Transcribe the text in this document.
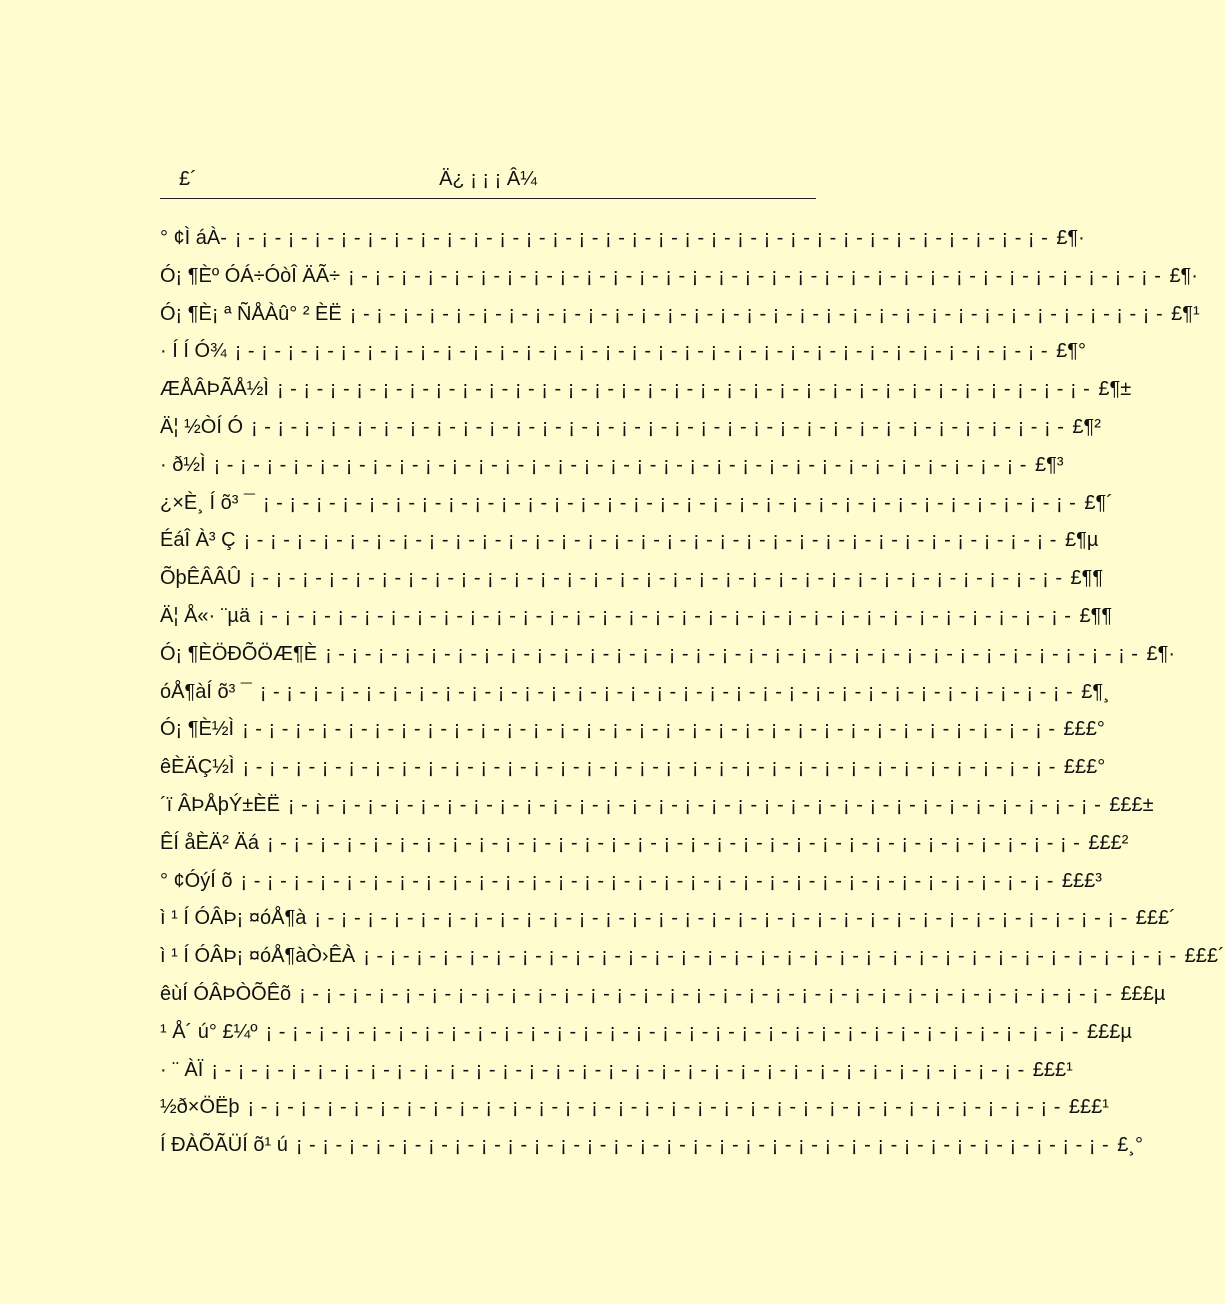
£´	Ä¿ ¡ ¡ ¡ Â¼
° ¢Ì áÀ- ¡ - ¡ - ¡ - ¡ - ¡ - ¡ - ¡ - ¡ - ¡ - ¡ - ¡ - ¡ - ¡ - ¡ - ¡ - ¡ - ¡ - ¡ - ¡ - ¡ - ¡ - ¡ - ¡ - ¡ - ¡ - ¡ - ¡ - ¡ - ¡ - ¡ - ¡ - £¶·
Ó¡ ¶Èº ÓÁ÷ÓòÎ ÄÃ÷ ¡ - ¡ - ¡ - ¡ - ¡ - ¡ - ¡ - ¡ - ¡ - ¡ - ¡ - ¡ - ¡ - ¡ - ¡ - ¡ - ¡ - ¡ - ¡ - ¡ - ¡ - ¡ - ¡ - ¡ - ¡ - ¡ - ¡ - ¡ - ¡ - ¡ - ¡ - £¶·
Ó¡ ¶È¡ ª ÑÅÀû° ² ÈË ¡ - ¡ - ¡ - ¡ - ¡ - ¡ - ¡ - ¡ - ¡ - ¡ - ¡ - ¡ - ¡ - ¡ - ¡ - ¡ - ¡ - ¡ - ¡ - ¡ - ¡ - ¡ - ¡ - ¡ - ¡ - ¡ - ¡ - ¡ - ¡ - ¡ - ¡ - £¶¹
· Í Í Ó¾ ¡ - ¡ - ¡ - ¡ - ¡ - ¡ - ¡ - ¡ - ¡ - ¡ - ¡ - ¡ - ¡ - ¡ - ¡ - ¡ - ¡ - ¡ - ¡ - ¡ - ¡ - ¡ - ¡ - ¡ - ¡ - ¡ - ¡ - ¡ - ¡ - ¡ - ¡ - £¶°
ÆÅÂÞÃÅ½Ì ¡ - ¡ - ¡ - ¡ - ¡ - ¡ - ¡ - ¡ - ¡ - ¡ - ¡ - ¡ - ¡ - ¡ - ¡ - ¡ - ¡ - ¡ - ¡ - ¡ - ¡ - ¡ - ¡ - ¡ - ¡ - ¡ - ¡ - ¡ - ¡ - ¡ - ¡ - £¶±
Ä¦ ½ÒÍ Ó ¡ - ¡ - ¡ - ¡ - ¡ - ¡ - ¡ - ¡ - ¡ - ¡ - ¡ - ¡ - ¡ - ¡ - ¡ - ¡ - ¡ - ¡ - ¡ - ¡ - ¡ - ¡ - ¡ - ¡ - ¡ - ¡ - ¡ - ¡ - ¡ - ¡ - ¡ - £¶²
· ð½Ì ¡ - ¡ - ¡ - ¡ - ¡ - ¡ - ¡ - ¡ - ¡ - ¡ - ¡ - ¡ - ¡ - ¡ - ¡ - ¡ - ¡ - ¡ - ¡ - ¡ - ¡ - ¡ - ¡ - ¡ - ¡ - ¡ - ¡ - ¡ - ¡ - ¡ - ¡ - £¶³
¿×È¸ Í õ³ ¯ ¡ - ¡ - ¡ - ¡ - ¡ - ¡ - ¡ - ¡ - ¡ - ¡ - ¡ - ¡ - ¡ - ¡ - ¡ - ¡ - ¡ - ¡ - ¡ - ¡ - ¡ - ¡ - ¡ - ¡ - ¡ - ¡ - ¡ - ¡ - ¡ - ¡ - ¡ - £¶´
ÉáÎ À³ Ç ¡ - ¡ - ¡ - ¡ - ¡ - ¡ - ¡ - ¡ - ¡ - ¡ - ¡ - ¡ - ¡ - ¡ - ¡ - ¡ - ¡ - ¡ - ¡ - ¡ - ¡ - ¡ - ¡ - ¡ - ¡ - ¡ - ¡ - ¡ - ¡ - ¡ - ¡ - £¶µ
ÕþÊÂÂÛ ¡ - ¡ - ¡ - ¡ - ¡ - ¡ - ¡ - ¡ - ¡ - ¡ - ¡ - ¡ - ¡ - ¡ - ¡ - ¡ - ¡ - ¡ - ¡ - ¡ - ¡ - ¡ - ¡ - ¡ - ¡ - ¡ - ¡ - ¡ - ¡ - ¡ - ¡ - £¶¶
Ä¦ Å«· ¨µä ¡ - ¡ - ¡ - ¡ - ¡ - ¡ - ¡ - ¡ - ¡ - ¡ - ¡ - ¡ - ¡ - ¡ - ¡ - ¡ - ¡ - ¡ - ¡ - ¡ - ¡ - ¡ - ¡ - ¡ - ¡ - ¡ - ¡ - ¡ - ¡ - ¡ - ¡ - £¶¶
Ó¡ ¶ÈÖÐÕÖÆ¶È ¡ - ¡ - ¡ - ¡ - ¡ - ¡ - ¡ - ¡ - ¡ - ¡ - ¡ - ¡ - ¡ - ¡ - ¡ - ¡ - ¡ - ¡ - ¡ - ¡ - ¡ - ¡ - ¡ - ¡ - ¡ - ¡ - ¡ - ¡ - ¡ - ¡ - ¡ - £¶·
óÅ¶àÍ õ³ ¯ ¡ - ¡ - ¡ - ¡ - ¡ - ¡ - ¡ - ¡ - ¡ - ¡ - ¡ - ¡ - ¡ - ¡ - ¡ - ¡ - ¡ - ¡ - ¡ - ¡ - ¡ - ¡ - ¡ - ¡ - ¡ - ¡ - ¡ - ¡ - ¡ - ¡ - ¡ - £¶¸
Ó¡ ¶È½Ì ¡ - ¡ - ¡ - ¡ - ¡ - ¡ - ¡ - ¡ - ¡ - ¡ - ¡ - ¡ - ¡ - ¡ - ¡ - ¡ - ¡ - ¡ - ¡ - ¡ - ¡ - ¡ - ¡ - ¡ - ¡ - ¡ - ¡ - ¡ - ¡ - ¡ - ¡ - £££°
êÈÄÇ½Ì ¡ - ¡ - ¡ - ¡ - ¡ - ¡ - ¡ - ¡ - ¡ - ¡ - ¡ - ¡ - ¡ - ¡ - ¡ - ¡ - ¡ - ¡ - ¡ - ¡ - ¡ - ¡ - ¡ - ¡ - ¡ - ¡ - ¡ - ¡ - ¡ - ¡ - ¡ - £££°
´ï ÂÞÅþÝ±ÈË ¡ - ¡ - ¡ - ¡ - ¡ - ¡ - ¡ - ¡ - ¡ - ¡ - ¡ - ¡ - ¡ - ¡ - ¡ - ¡ - ¡ - ¡ - ¡ - ¡ - ¡ - ¡ - ¡ - ¡ - ¡ - ¡ - ¡ - ¡ - ¡ - ¡ - ¡ - £££±
ÊÍ åÈÄ² Äá ¡ - ¡ - ¡ - ¡ - ¡ - ¡ - ¡ - ¡ - ¡ - ¡ - ¡ - ¡ - ¡ - ¡ - ¡ - ¡ - ¡ - ¡ - ¡ - ¡ - ¡ - ¡ - ¡ - ¡ - ¡ - ¡ - ¡ - ¡ - ¡ - ¡ - ¡ - £££²
° ¢ÓýÍ õ ¡ - ¡ - ¡ - ¡ - ¡ - ¡ - ¡ - ¡ - ¡ - ¡ - ¡ - ¡ - ¡ - ¡ - ¡ - ¡ - ¡ - ¡ - ¡ - ¡ - ¡ - ¡ - ¡ - ¡ - ¡ - ¡ - ¡ - ¡ - ¡ - ¡ - ¡ - £££³
ì ¹ Í ÓÂÞ¡ ¤óÅ¶à ¡ - ¡ - ¡ - ¡ - ¡ - ¡ - ¡ - ¡ - ¡ - ¡ - ¡ - ¡ - ¡ - ¡ - ¡ - ¡ - ¡ - ¡ - ¡ - ¡ - ¡ - ¡ - ¡ - ¡ - ¡ - ¡ - ¡ - ¡ - ¡ - ¡ - ¡ - £££´
ì ¹ Í ÓÂÞ¡ ¤óÅ¶àÒ›ÊÀ ¡ - ¡ - ¡ - ¡ - ¡ - ¡ - ¡ - ¡ - ¡ - ¡ - ¡ - ¡ - ¡ - ¡ - ¡ - ¡ - ¡ - ¡ - ¡ - ¡ - ¡ - ¡ - ¡ - ¡ - ¡ - ¡ - ¡ - ¡ - ¡ - ¡ - ¡ - £££´
êùÍ ÓÂÞÒÕÊõ ¡ - ¡ - ¡ - ¡ - ¡ - ¡ - ¡ - ¡ - ¡ - ¡ - ¡ - ¡ - ¡ - ¡ - ¡ - ¡ - ¡ - ¡ - ¡ - ¡ - ¡ - ¡ - ¡ - ¡ - ¡ - ¡ - ¡ - ¡ - ¡ - ¡ - ¡ - £££µ
¹ Å´ ú° £¼º ¡ - ¡ - ¡ - ¡ - ¡ - ¡ - ¡ - ¡ - ¡ - ¡ - ¡ - ¡ - ¡ - ¡ - ¡ - ¡ - ¡ - ¡ - ¡ - ¡ - ¡ - ¡ - ¡ - ¡ - ¡ - ¡ - ¡ - ¡ - ¡ - ¡ - ¡ - £££µ
· ¨ ÀÏ ¡ - ¡ - ¡ - ¡ - ¡ - ¡ - ¡ - ¡ - ¡ - ¡ - ¡ - ¡ - ¡ - ¡ - ¡ - ¡ - ¡ - ¡ - ¡ - ¡ - ¡ - ¡ - ¡ - ¡ - ¡ - ¡ - ¡ - ¡ - ¡ - ¡ - ¡ - £££¹
½ð×ÖËþ ¡ - ¡ - ¡ - ¡ - ¡ - ¡ - ¡ - ¡ - ¡ - ¡ - ¡ - ¡ - ¡ - ¡ - ¡ - ¡ - ¡ - ¡ - ¡ - ¡ - ¡ - ¡ - ¡ - ¡ - ¡ - ¡ - ¡ - ¡ - ¡ - ¡ - ¡ - £££¹
Í ÐÀÕÃÜÍ õ¹ ú ¡ - ¡ - ¡ - ¡ - ¡ - ¡ - ¡ - ¡ - ¡ - ¡ - ¡ - ¡ - ¡ - ¡ - ¡ - ¡ - ¡ - ¡ - ¡ - ¡ - ¡ - ¡ - ¡ - ¡ - ¡ - ¡ - ¡ - ¡ - ¡ - ¡ - ¡ - £¸°
